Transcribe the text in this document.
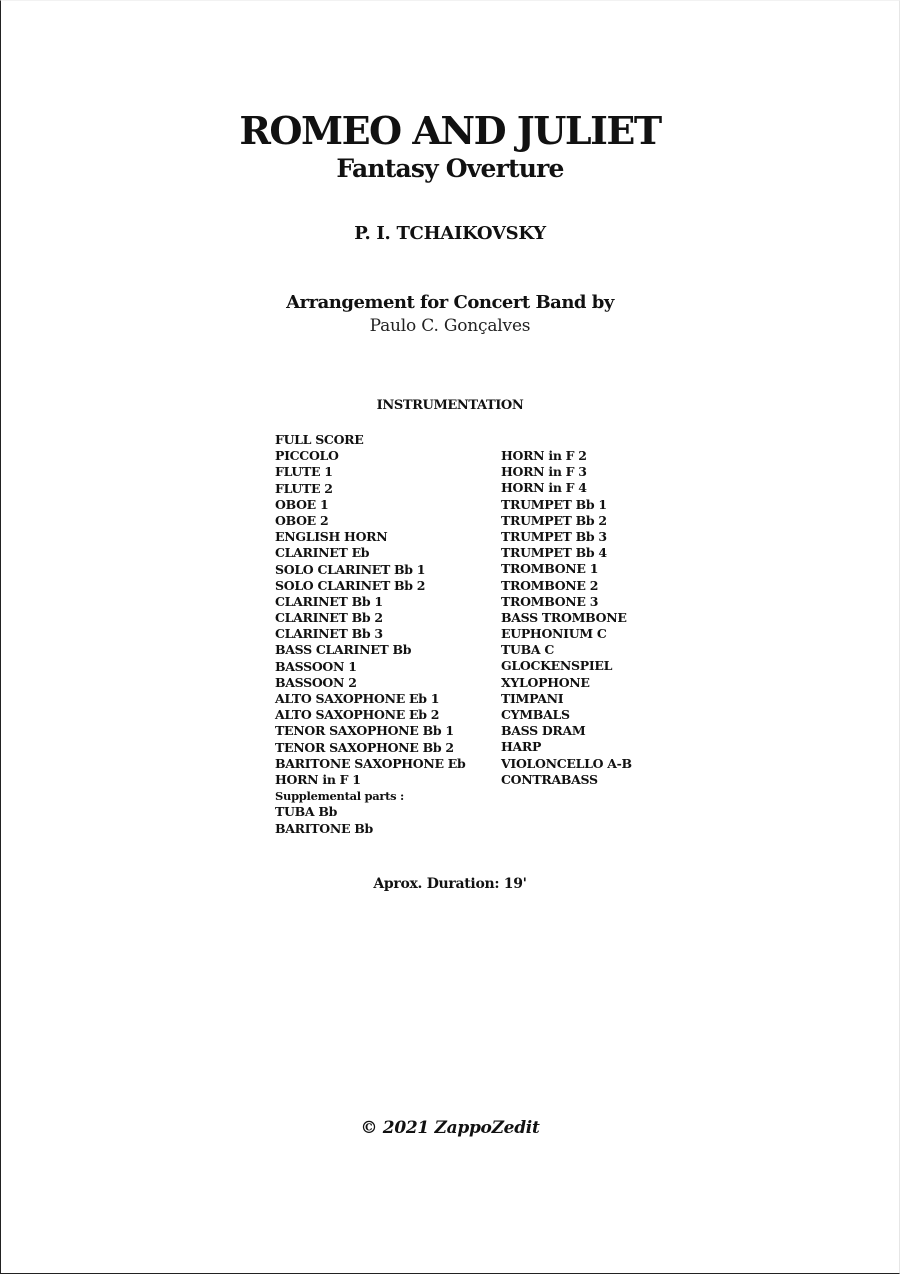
ROMEO AND JULIET
Fantasy Overture
P. I. TCHAIKOVSKY
Arrangement for Concert Band by
Paulo C. Gonçalves
INSTRUMENTATION
FULL SCORE
PICCOLO
FLUTE 1
FLUTE 2
OBOE 1
OBOE 2
ENGLISH HORN
CLARINET Eb
SOLO CLARINET Bb 1
SOLO CLARINET Bb 2
CLARINET Bb 1
CLARINET Bb 2
CLARINET Bb 3
BASS CLARINET Bb
BASSOON 1
BASSOON 2
ALTO SAXOPHONE Eb 1
ALTO SAXOPHONE Eb 2
TENOR SAXOPHONE Bb 1
TENOR SAXOPHONE Bb 2
BARITONE SAXOPHONE Eb
HORN in F 1
Supplemental parts :
TUBA Bb
BARITONE Bb
HORN in F 2
HORN in F 3
HORN in F 4
TRUMPET Bb 1
TRUMPET Bb 2
TRUMPET Bb 3
TRUMPET Bb 4
TROMBONE 1
TROMBONE 2
TROMBONE 3
BASS TROMBONE
EUPHONIUM C
TUBA C
GLOCKENSPIEL
XYLOPHONE
TIMPANI
CYMBALS
BASS DRAM
HARP
VIOLONCELLO A-B
CONTRABASS
Aprox. Duration: 19'
© 2021 ZappoZedit
